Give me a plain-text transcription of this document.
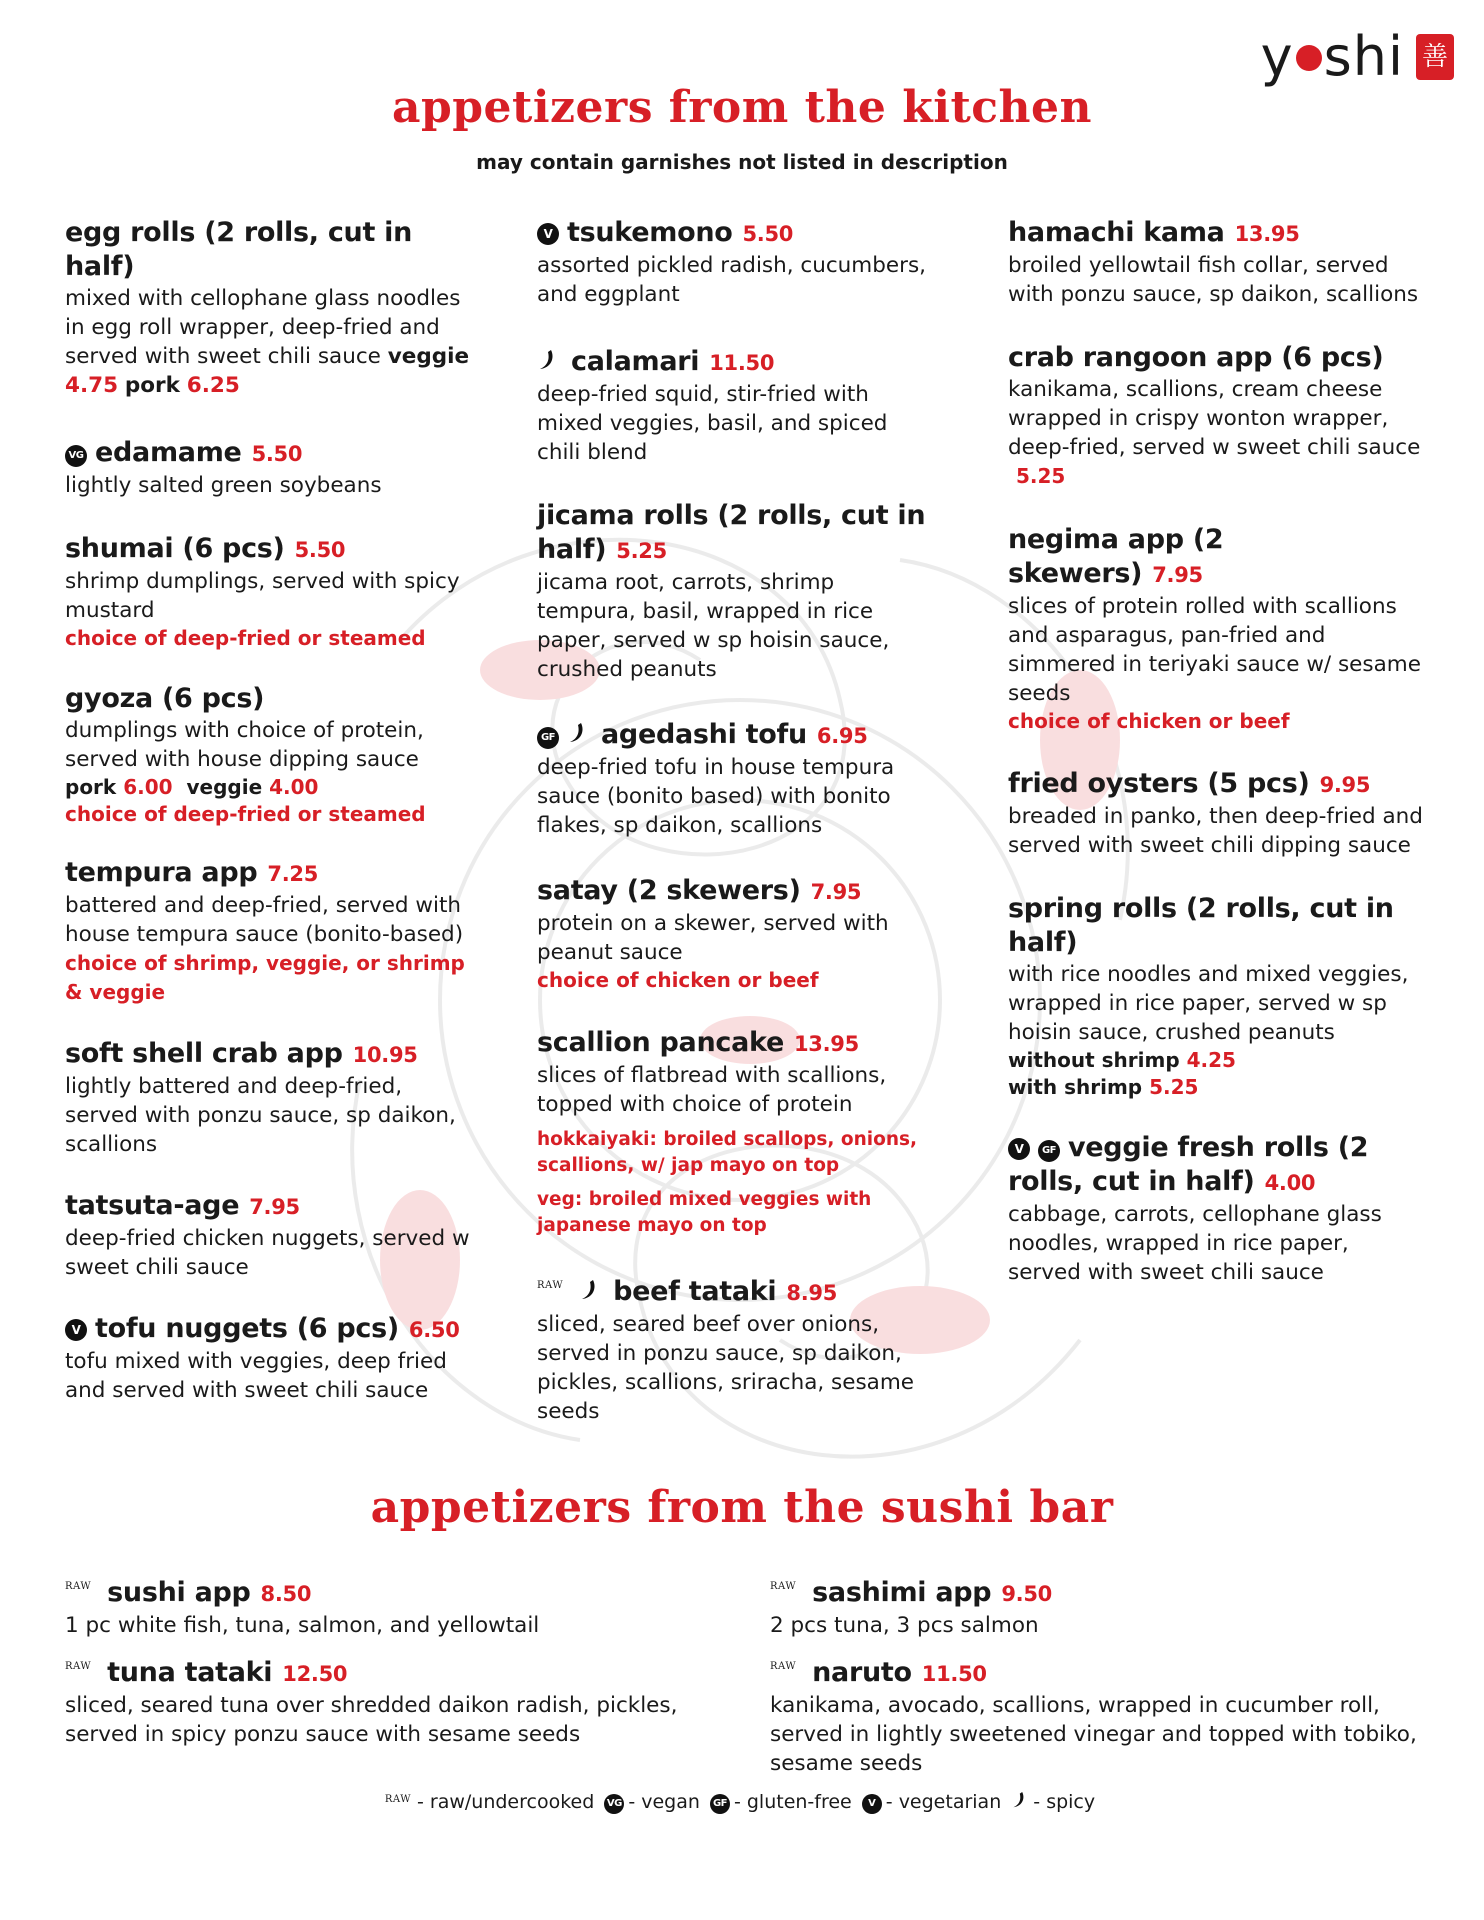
y shi 善
appetizers from the kitchen
may contain garnishes not listed in description
egg rolls (2 rolls, cut in half)
mixed with cellophane glass noodles in egg roll wrapper, deep-fried and served with sweet chili sauce veggie 4.75 pork 6.25
VG edamame 5.50
lightly salted green soybeans
shumai (6 pcs) 5.50
shrimp dumplings, served with spicy mustard
choice of deep-fried or steamed
gyoza (6 pcs)
dumplings with choice of protein, served with house dipping sauce
pork 6.00 veggie 4.00
choice of deep-fried or steamed
tempura app 7.25
battered and deep-fried, served with house tempura sauce (bonito-based) choice of shrimp, veggie, or shrimp & veggie
soft shell crab app 10.95
lightly battered and deep-fried, served with ponzu sauce, sp daikon, scallions
tatsuta-age 7.95
deep-fried chicken nuggets, served w sweet chili sauce
V tofu nuggets (6 pcs) 6.50
tofu mixed with veggies, deep fried and served with sweet chili sauce
V tsukemono 5.50
assorted pickled radish, cucumbers, and eggplant
calamari 11.50
deep-fried squid, stir-fried with mixed veggies, basil, and spiced chili blend
jicama rolls (2 rolls, cut in half) 5.25
jicama root, carrots, shrimp tempura, basil, wrapped in rice paper, served w sp hoisin sauce, crushed peanuts
GF agedashi tofu 6.95
deep-fried tofu in house tempura sauce (bonito based) with bonito flakes, sp daikon, scallions
satay (2 skewers) 7.95
protein on a skewer, served with peanut sauce
choice of chicken or beef
scallion pancake 13.95
slices of flatbread with scallions, topped with choice of protein
hokkaiyaki: broiled scallops, onions, scallions, w/ jap mayo on top
veg: broiled mixed veggies with japanese mayo on top
RAW beef tataki 8.95
sliced, seared beef over onions, served in ponzu sauce, sp daikon, pickles, scallions, sriracha, sesame seeds
hamachi kama 13.95
broiled yellowtail fish collar, served with ponzu sauce, sp daikon, scallions
crab rangoon app (6 pcs)
kanikama, scallions, cream cheese wrapped in crispy wonton wrapper, deep-fried, served w sweet chili sauce 5.25
negima app (2 skewers) 7.95
slices of protein rolled with scallions and asparagus, pan-fried and simmered in teriyaki sauce w/ sesame seeds
choice of chicken or beef
fried oysters (5 pcs) 9.95
breaded in panko, then deep-fried and served with sweet chili dipping sauce
spring rolls (2 rolls, cut in half)
with rice noodles and mixed veggies, wrapped in rice paper, served w sp hoisin sauce, crushed peanuts
without shrimp 4.25
with shrimp 5.25
V GF veggie fresh rolls (2 rolls, cut in half) 4.00
cabbage, carrots, cellophane glass noodles, wrapped in rice paper, served with sweet chili sauce
appetizers from the sushi bar
RAW sushi app 8.50
1 pc white fish, tuna, salmon, and yellowtail
RAW sashimi app 9.50
2 pcs tuna, 3 pcs salmon
RAW tuna tataki 12.50
sliced, seared tuna over shredded daikon radish, pickles, served in spicy ponzu sauce with sesame seeds
RAW naruto 11.50
kanikama, avocado, scallions, wrapped in cucumber roll, served in lightly sweetened vinegar and topped with tobiko, sesame seeds
RAW - raw/undercooked VG - vegan GF - gluten-free V - vegetarian - spicy
